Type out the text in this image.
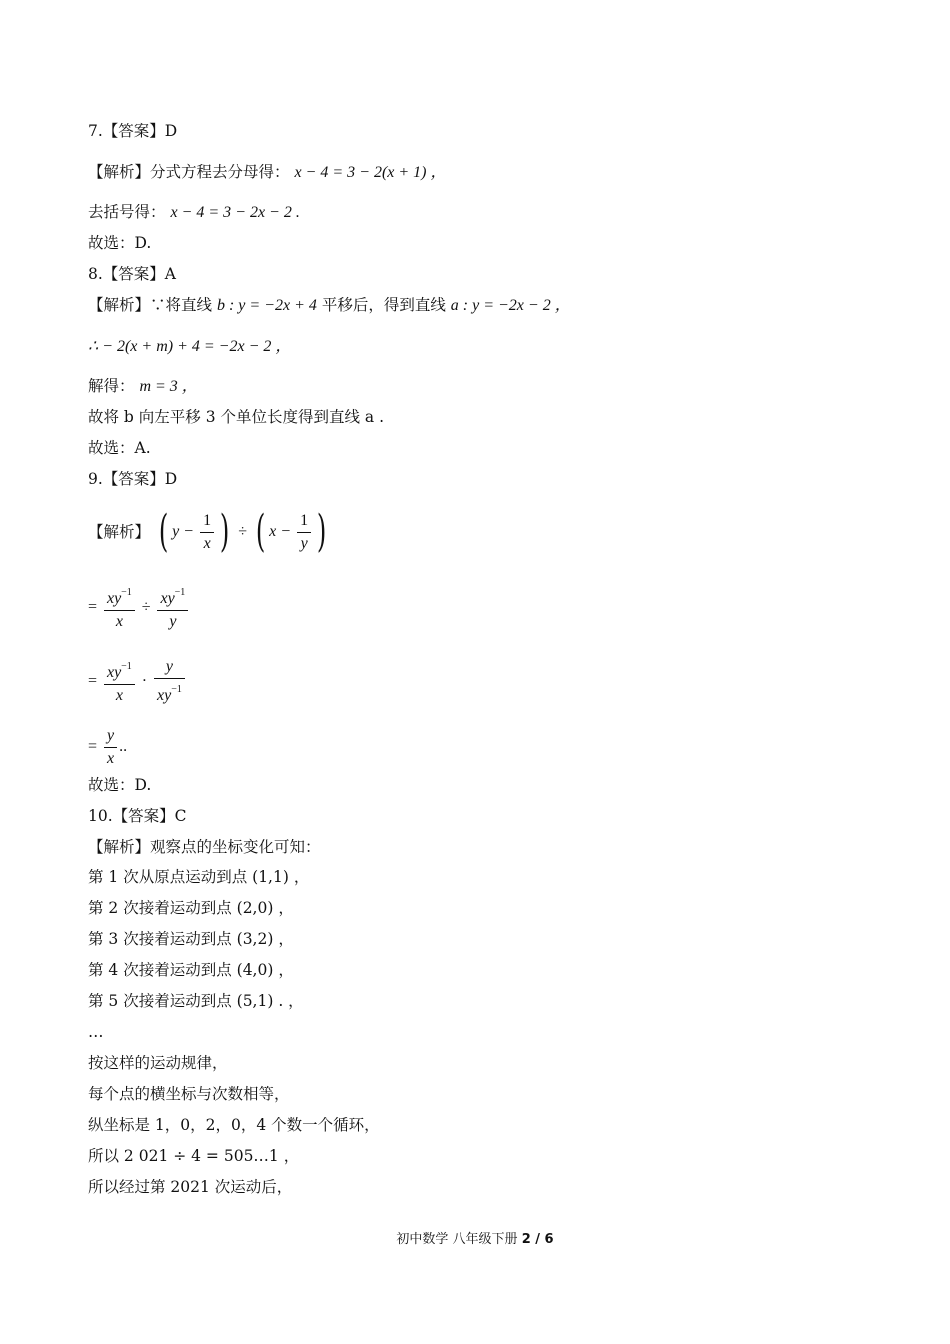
7.【答案】D
【解析】分式方程去分母得： x − 4 = 3 − 2(x + 1) ，
去括号得： x − 4 = 3 − 2x − 2 .
故选：D.
8.【答案】A
【解析】∵将直线 b : y = −2x + 4 平移后，得到直线 a : y = −2x − 2 ，
∴ − 2(x + m) + 4 = −2x − 2 ，
解得： m = 3 ，
故将 b 向左平移 3 个单位长度得到直线 a .
故选：A.
9.【答案】D
【解析】 ( $y - \frac{1}{x}$ ) ÷ ( $x - \frac{1}{y}$ )
= $\frac{xy^{-1}}{x} \div \frac{xy^{-1}}{y}$
= $\frac{xy^{-1}}{x} \cdot \frac{y}{xy^{-1}}$
= $\frac{y}{x}$ ..
故选：D.
10.【答案】C
【解析】观察点的坐标变化可知：
第 1 次从原点运动到点 (1,1) ，
第 2 次接着运动到点 (2,0) ，
第 3 次接着运动到点 (3,2) ，
第 4 次接着运动到点 (4,0) ，
第 5 次接着运动到点 (5,1) . ，
…
按这样的运动规律，
每个点的横坐标与次数相等，
纵坐标是 1，0，2，0，4 个数一个循环，
所以 2 021 ÷ 4 = 505…1 ，
所以经过第 2021 次运动后，
初中数学 八年级下册 2 / 6
